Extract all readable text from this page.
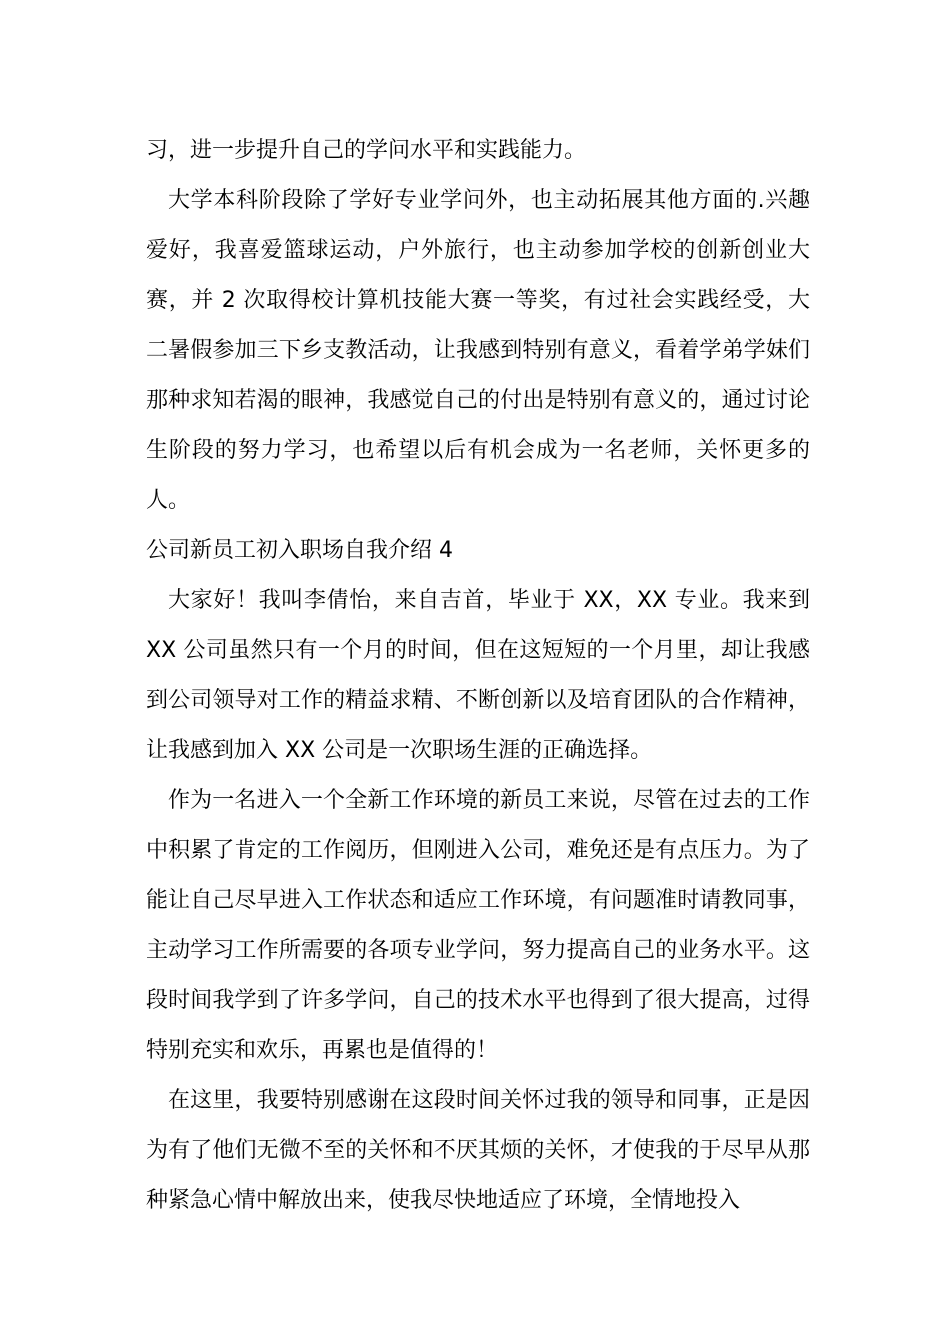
习，进一步提升自己的学问水平和实践能力。

大学本科阶段除了学好专业学问外，也主动拓展其他方面的.兴趣爱好，我喜爱篮球运动，户外旅行，也主动参加学校的创新创业大赛，并 2 次取得校计算机技能大赛一等奖，有过社会实践经受，大二暑假参加三下乡支教活动，让我感到特别有意义，看着学弟学妹们那种求知若渴的眼神，我感觉自己的付出是特别有意义的，通过讨论生阶段的努力学习，也希望以后有机会成为一名老师，关怀更多的人。

公司新员工初入职场自我介绍 4

大家好！我叫李倩怡，来自吉首，毕业于 XX，XX 专业。我来到 XX 公司虽然只有一个月的时间，但在这短短的一个月里，却让我感到公司领导对工作的精益求精、不断创新以及培育团队的合作精神，让我感到加入 XX 公司是一次职场生涯的正确选择。

作为一名进入一个全新工作环境的新员工来说，尽管在过去的工作中积累了肯定的工作阅历，但刚进入公司，难免还是有点压力。为了能让自己尽早进入工作状态和适应工作环境，有问题准时请教同事，主动学习工作所需要的各项专业学问，努力提高自己的业务水平。这段时间我学到了许多学问，自己的技术水平也得到了很大提高，过得特别充实和欢乐，再累也是值得的！

在这里，我要特别感谢在这段时间关怀过我的领导和同事，正是因为有了他们无微不至的关怀和不厌其烦的关怀，才使我的于尽早从那种紧急心情中解放出来，使我尽快地适应了环境，全情地投入
